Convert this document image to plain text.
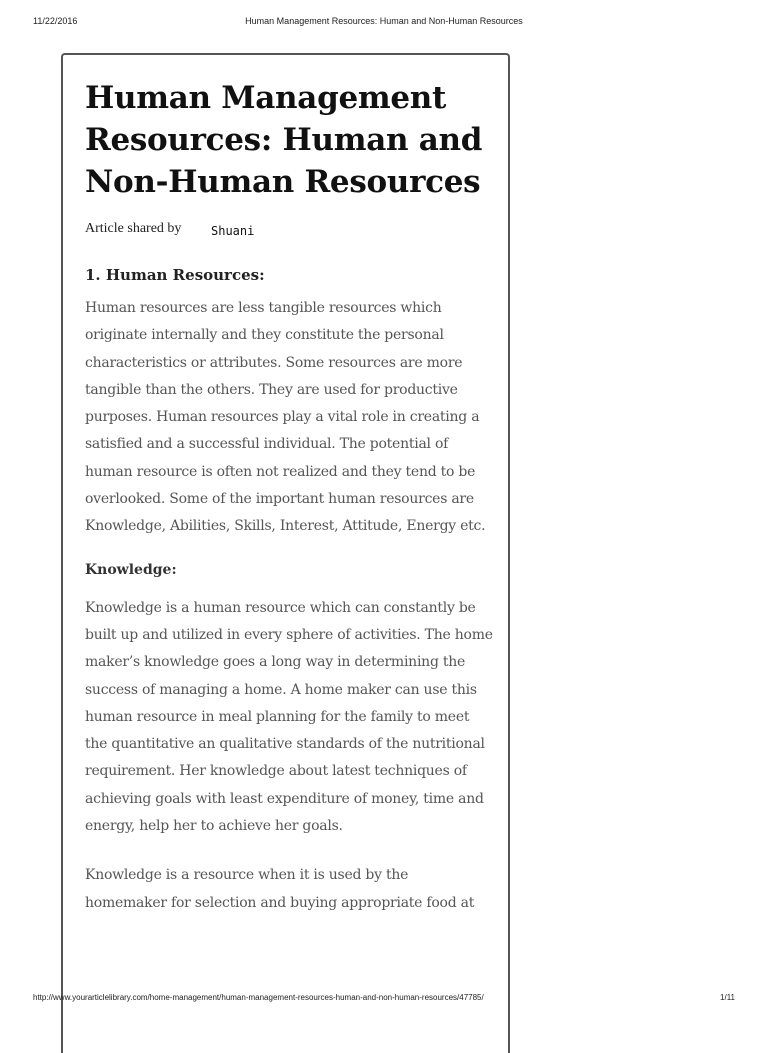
11/22/2016	Human Management Resources: Human and Non-Human Resources
Human Management Resources: Human and Non-Human Resources
Article shared by Shuani
1. Human Resources:

Human resources are less tangible resources which originate internally and they constitute the personal characteristics or attributes. Some resources are more tangible than the others. They are used for productive purposes. Human resources play a vital role in creating a satisfied and a successful individual. The potential of human resource is often not realized and they tend to be overlooked. Some of the important human resources are Knowledge, Abilities, Skills, Interest, Attitude, Energy etc.

Knowledge:

Knowledge is a human resource which can constantly be built up and utilized in every sphere of activities. The home maker’s knowledge goes a long way in determining the success of managing a home. A home maker can use this human resource in meal planning for the family to meet the quantitative an qualitative standards of the nutritional requirement. Her knowledge about latest techniques of achieving goals with least expenditure of money, time and energy, help her to achieve her goals.

Knowledge is a resource when it is used by the homemaker for selection and buying appropriate food at

http://www.yourarticlelibrary.com/home-management/human-management-resources-human-and-non-human-resources/47785/	1/11
